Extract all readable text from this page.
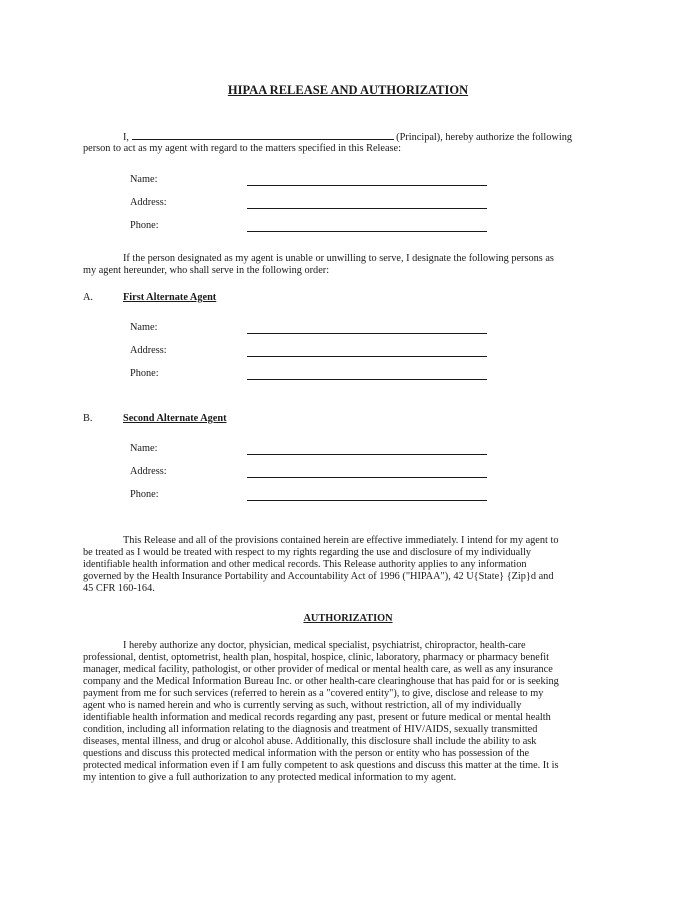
HIPAA RELEASE AND AUTHORIZATION
I,	(Principal), hereby authorize the following
person to act as my agent with regard to the matters specified in this Release:
Name:
Address:
Phone:
If the person designated as my agent is unable or unwilling to serve, I designate the following persons as
my agent hereunder, who shall serve in the following order:
A.	First Alternate Agent
Name:
Address:
Phone:
B.	Second Alternate Agent
Name:
Address:
Phone:
This Release and all of the provisions contained herein are effective immediately. I intend for my agent to
be treated as I would be treated with respect to my rights regarding the use and disclosure of my individually
identifiable health information and other medical records. This Release authority applies to any information
governed by the Health Insurance Portability and Accountability Act of 1996 ("HIPAA"), 42 U{State} {Zip}d and
45 CFR 160-164.
AUTHORIZATION
I hereby authorize any doctor, physician, medical specialist, psychiatrist, chiropractor, health-care
professional, dentist, optometrist, health plan, hospital, hospice, clinic, laboratory, pharmacy or pharmacy benefit
manager, medical facility, pathologist, or other provider of medical or mental health care, as well as any insurance
company and the Medical Information Bureau Inc. or other health-care clearinghouse that has paid for or is seeking
payment from me for such services (referred to herein as a "covered entity"), to give, disclose and release to my
agent who is named herein and who is currently serving as such, without restriction, all of my individually
identifiable health information and medical records regarding any past, present or future medical or mental health
condition, including all information relating to the diagnosis and treatment of HIV/AIDS, sexually transmitted
diseases, mental illness, and drug or alcohol abuse. Additionally, this disclosure shall include the ability to ask
questions and discuss this protected medical information with the person or entity who has possession of the
protected medical information even if I am fully competent to ask questions and discuss this matter at the time. It is
my intention to give a full authorization to any protected medical information to my agent.
